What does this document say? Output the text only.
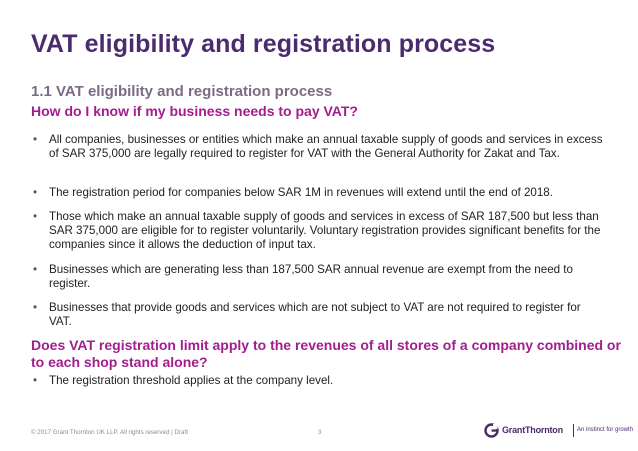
VAT eligibility and registration process
1.1 VAT eligibility and registration process
How do I know if my business needs to pay VAT?
•	All companies, businesses or entities which make an annual taxable supply of goods and services in excess of SAR 375,000 are legally required to register for VAT with the General Authority for Zakat and Tax.
•	The registration period for companies below SAR 1M in revenues will extend until the end of 2018.
•	Those which make an annual taxable supply of goods and services in excess of SAR 187,500 but less than SAR 375,000 are eligible for to register voluntarily. Voluntary registration provides significant benefits for the companies since it allows the deduction of input tax.
•	Businesses which are generating less than 187,500 SAR annual revenue are exempt from the need to register.
•	Businesses that provide goods and services which are not subject to VAT are not required to register for VAT.
Does VAT registration limit apply to the revenues of all stores of a company combined or to each shop stand alone?
•	The registration threshold applies at the company level.
© 2017 Grant Thornton UK LLP. All rights reserved | Draft	3	GrantThornton An instinct for growth
